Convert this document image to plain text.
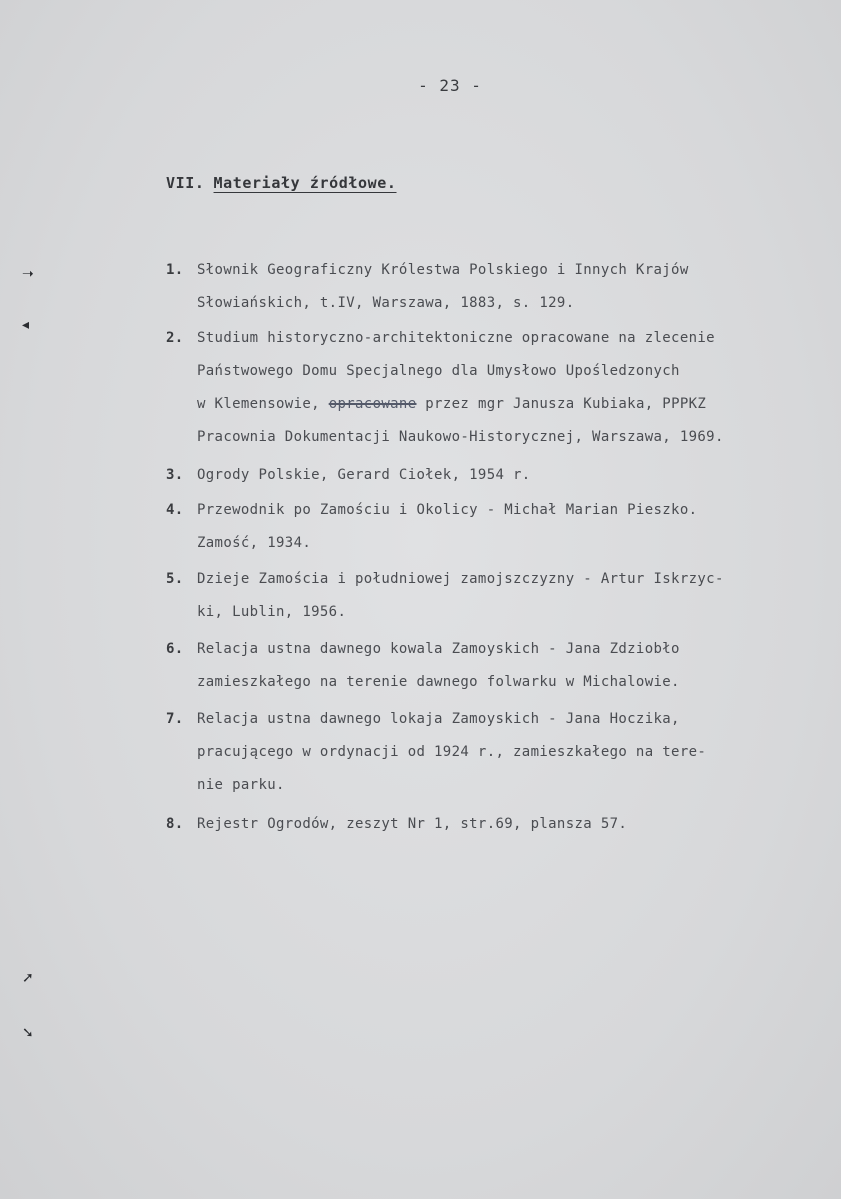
➝
◂
➚
➘
- 23 -
VII. Materiały źródłowe.
1. Słownik Geograficzny Królestwa Polskiego i Innych Krajów
Słowiańskich, t.IV, Warszawa, 1883, s. 129.
2. Studium historyczno-architektoniczne opracowane na zlecenie
Państwowego Domu Specjalnego dla Umysłowo Upośledzonych
w Klemensowie, opracowane przez mgr Janusza Kubiaka, PPPKZ
Pracownia Dokumentacji Naukowo-Historycznej, Warszawa, 1969.
3. Ogrody Polskie, Gerard Ciołek, 1954 r.
4. Przewodnik po Zamościu i Okolicy - Michał Marian Pieszko.
Zamość, 1934.
5. Dzieje Zamościa i południowej zamojszczyzny - Artur Iskrzyc-
ki, Lublin, 1956.
6. Relacja ustna dawnego kowala Zamoyskich - Jana Zdziobło
zamieszkałego na terenie dawnego folwarku w Michalowie.
7. Relacja ustna dawnego lokaja Zamoyskich - Jana Hoczika,
pracującego w ordynacji od 1924 r., zamieszkałego na tere-
nie parku.
8. Rejestr Ogrodów, zeszyt Nr 1, str.69, plansza 57.
